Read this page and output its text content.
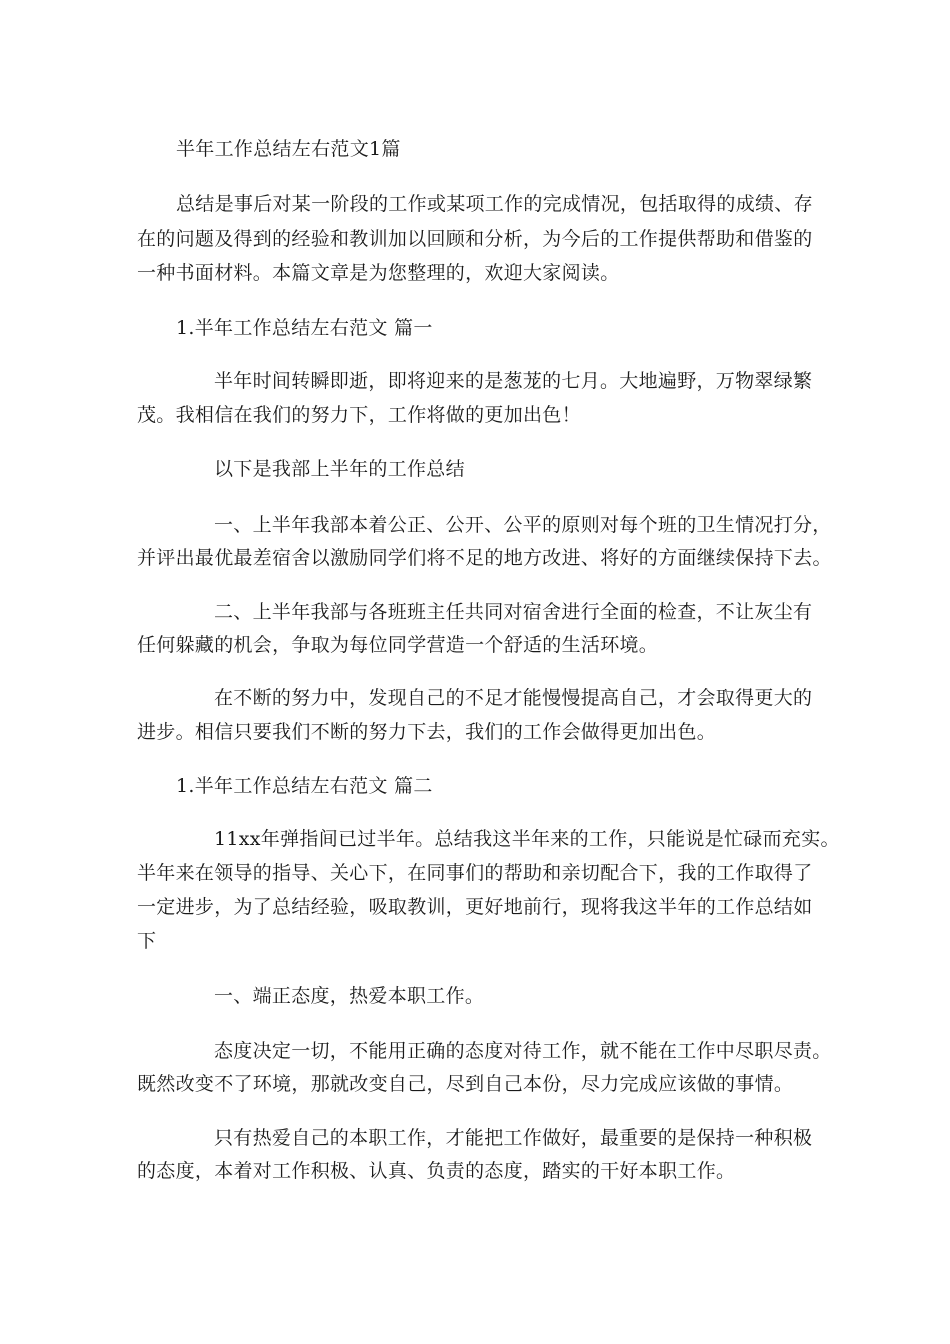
半年工作总结左右范文1篇
总结是事后对某一阶段的工作或某项工作的完成情况，包括取得的成绩、存
在的问题及得到的经验和教训加以回顾和分析，为今后的工作提供帮助和借鉴的
一种书面材料。本篇文章是为您整理的，欢迎大家阅读。
1.半年工作总结左右范文 篇一
半年时间转瞬即逝，即将迎来的是葱茏的七月。大地遍野，万物翠绿繁
茂。我相信在我们的努力下，工作将做的更加出色！
以下是我部上半年的工作总结
一、上半年我部本着公正、公开、公平的原则对每个班的卫生情况打分，
并评出最优最差宿舍以激励同学们将不足的地方改进、将好的方面继续保持下去。
二、上半年我部与各班班主任共同对宿舍进行全面的检查，不让灰尘有
任何躲藏的机会，争取为每位同学营造一个舒适的生活环境。
在不断的努力中，发现自己的不足才能慢慢提高自己，才会取得更大的
进步。相信只要我们不断的努力下去，我们的工作会做得更加出色。
1.半年工作总结左右范文 篇二
11xx年弹指间已过半年。总结我这半年来的工作，只能说是忙碌而充实。
半年来在领导的指导、关心下，在同事们的帮助和亲切配合下，我的工作取得了
一定进步，为了总结经验，吸取教训，更好地前行，现将我这半年的工作总结如
下
一、端正态度，热爱本职工作。
态度决定一切，不能用正确的态度对待工作，就不能在工作中尽职尽责。
既然改变不了环境，那就改变自己，尽到自己本份，尽力完成应该做的事情。
只有热爱自己的本职工作，才能把工作做好，最重要的是保持一种积极
的态度，本着对工作积极、认真、负责的态度，踏实的干好本职工作。
